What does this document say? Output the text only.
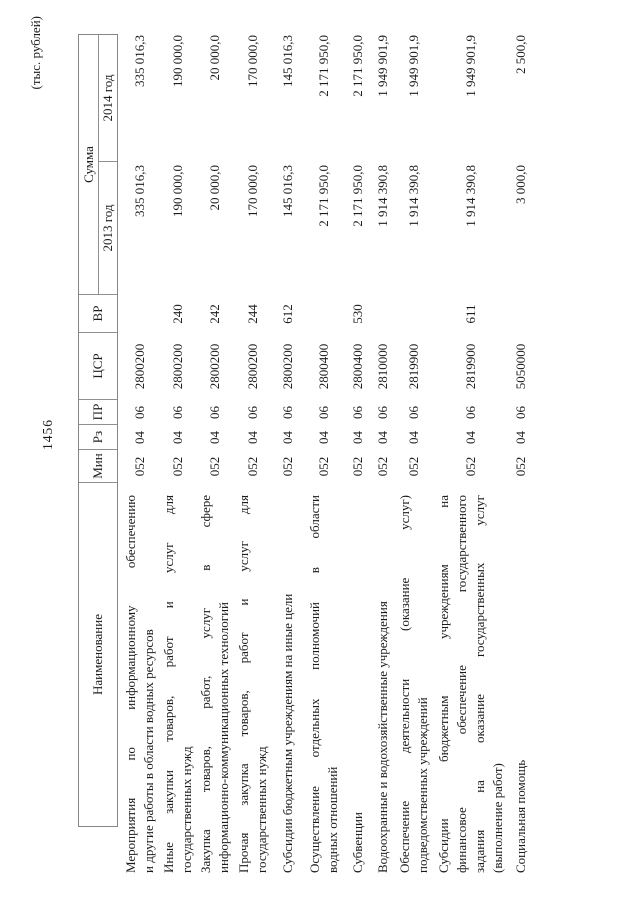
1456
(тыс. рублей)
Наименование
Мин
Рз
ПР
ЦСР
ВР
Сумма
2013 год
2014 год
Мероприятия по информационному обеспечению и другие работы в области водных ресурсов
052
04
06
2800200
335 016,3
335 016,3
Иные закупки товаров, работ и услуг для государственных нужд
052
04
06
2800200
240
190 000,0
190 000,0
Закупка товаров, работ, услуг в сфере информационно-коммуникационных технологий
052
04
06
2800200
242
20 000,0
20 000,0
Прочая закупка товаров, работ и услуг для государственных нужд
052
04
06
2800200
244
170 000,0
170 000,0
Субсидии бюджетным учреждениям на иные цели
052
04
06
2800200
612
145 016,3
145 016,3
Осуществление отдельных полномочий в области водных отношений
052
04
06
2800400
2 171 950,0
2 171 950,0
Субвенции
052
04
06
2800400
530
2 171 950,0
2 171 950,0
Водоохранные и водохозяйственные учреждения
052
04
06
2810000
1 914 390,8
1 949 901,9
Обеспечение деятельности (оказание услуг) подведомственных учреждений
052
04
06
2819900
1 914 390,8
1 949 901,9
Субсидии бюджетным учреждениям на финансовое обеспечение государственного задания на оказание государственных услуг (выполнение работ)
052
04
06
2819900
611
1 914 390,8
1 949 901,9
Социальная помощь
052
04
06
5050000
3 000,0
2 500,0
